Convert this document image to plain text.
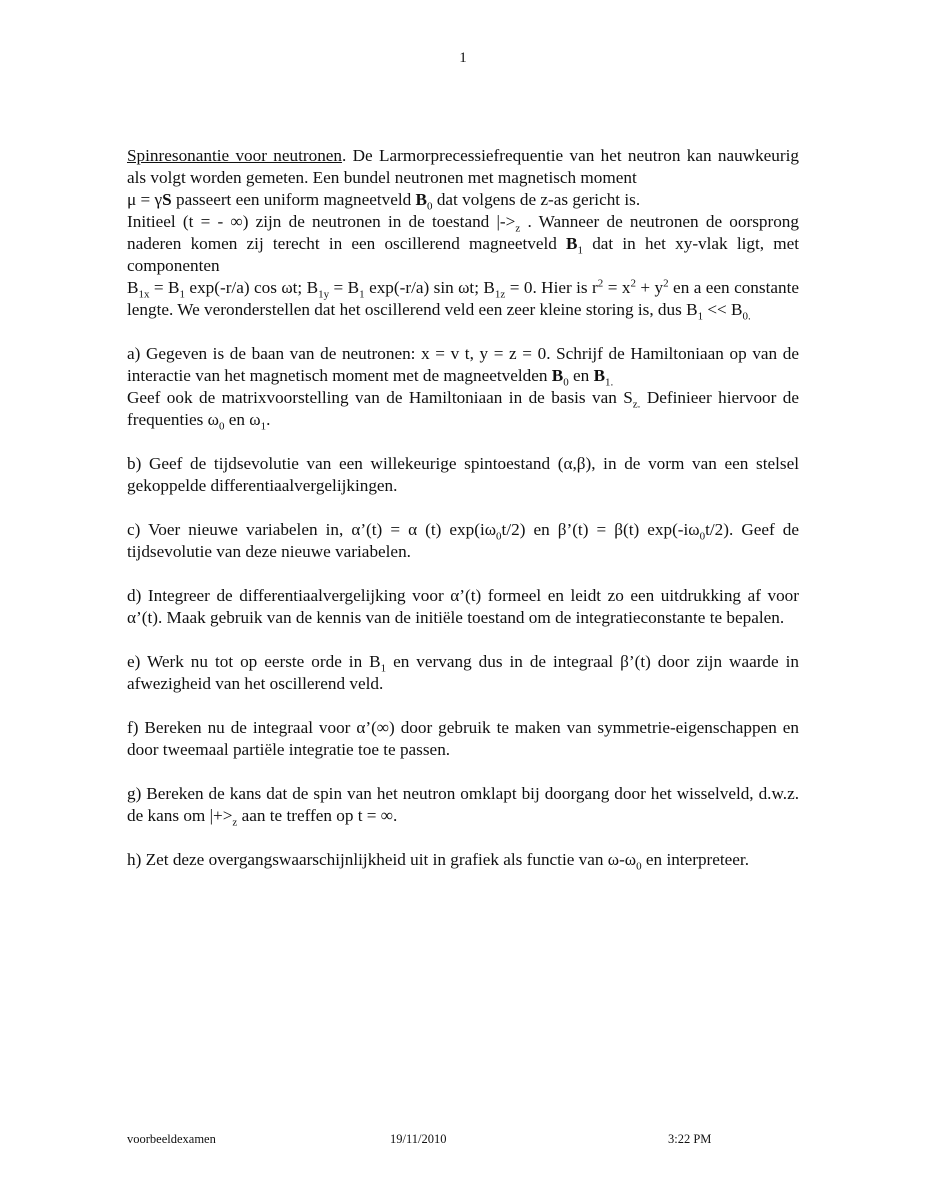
1

Spinresonantie voor neutronen. De Larmorprecessiefrequentie van het neutron kan nauwkeurig als volgt worden gemeten. Een bundel neutronen met magnetisch moment
μ = γS passeert een uniform magneetveld $B_0$ dat volgens de z-as gericht is.

Initieel (t = - ∞) zijn de neutronen in de toestand $|->_z$ . Wanneer de neutronen de oorsprong naderen komen zij terecht in een oscillerend magneetveld $B_1$ dat in het xy-vlak ligt, met componenten

$B_{1x} = B_1$ exp(-r/a) cos ωt; $B_{1y} = B_1$ exp(-r/a) sin ωt; $B_{1z} = 0$. Hier is $r^2 = x^2 + y^2$ en a een constante lengte. We veronderstellen dat het oscillerend veld een zeer kleine storing is, dus $B_1 << B_{0.}$

a) Gegeven is de baan van de neutronen: x = v t, y = z = 0. Schrijf de Hamiltoniaan op van de interactie van het magnetisch moment met de magneetvelden $B_0$ en $B_{1.}$
Geef ook de matrixvoorstelling van de Hamiltoniaan in de basis van $S_{z.}$ Definieer hiervoor de frequenties $\omega_0$ en $\omega_1$.

b) Geef de tijdsevolutie van een willekeurige spintoestand (α,β), in de vorm van een stelsel gekoppelde differentiaalvergelijkingen.

c) Voer nieuwe variabelen in, α’(t) = α (t) $\exp(i\omega_0t/2)$ en β’(t) = β(t) $\exp(-i\omega_0t/2)$. Geef de tijdsevolutie van deze nieuwe variabelen.

d) Integreer de differentiaalvergelijking voor α’(t) formeel en leidt zo een uitdrukking af voor α’(t). Maak gebruik van de kennis van de initiële toestand om de integratieconstante te bepalen.

e) Werk nu tot op eerste orde in $B_1$ en vervang dus in de integraal β’(t) door zijn waarde in afwezigheid van het oscillerend veld.

f) Bereken nu de integraal voor α’(∞) door gebruik te maken van symmetrie-eigenschappen en door tweemaal partiële integratie toe te passen.

g) Bereken de kans dat de spin van het neutron omklapt bij doorgang door het wisselveld, d.w.z. de kans om $|+>_z$ aan te treffen op t = ∞.

h) Zet deze overgangswaarschijnlijkheid uit in grafiek als functie van $\omega-\omega_0$ en interpreteer.

voorbeeldexamen	19/11/2010	3:22 PM
